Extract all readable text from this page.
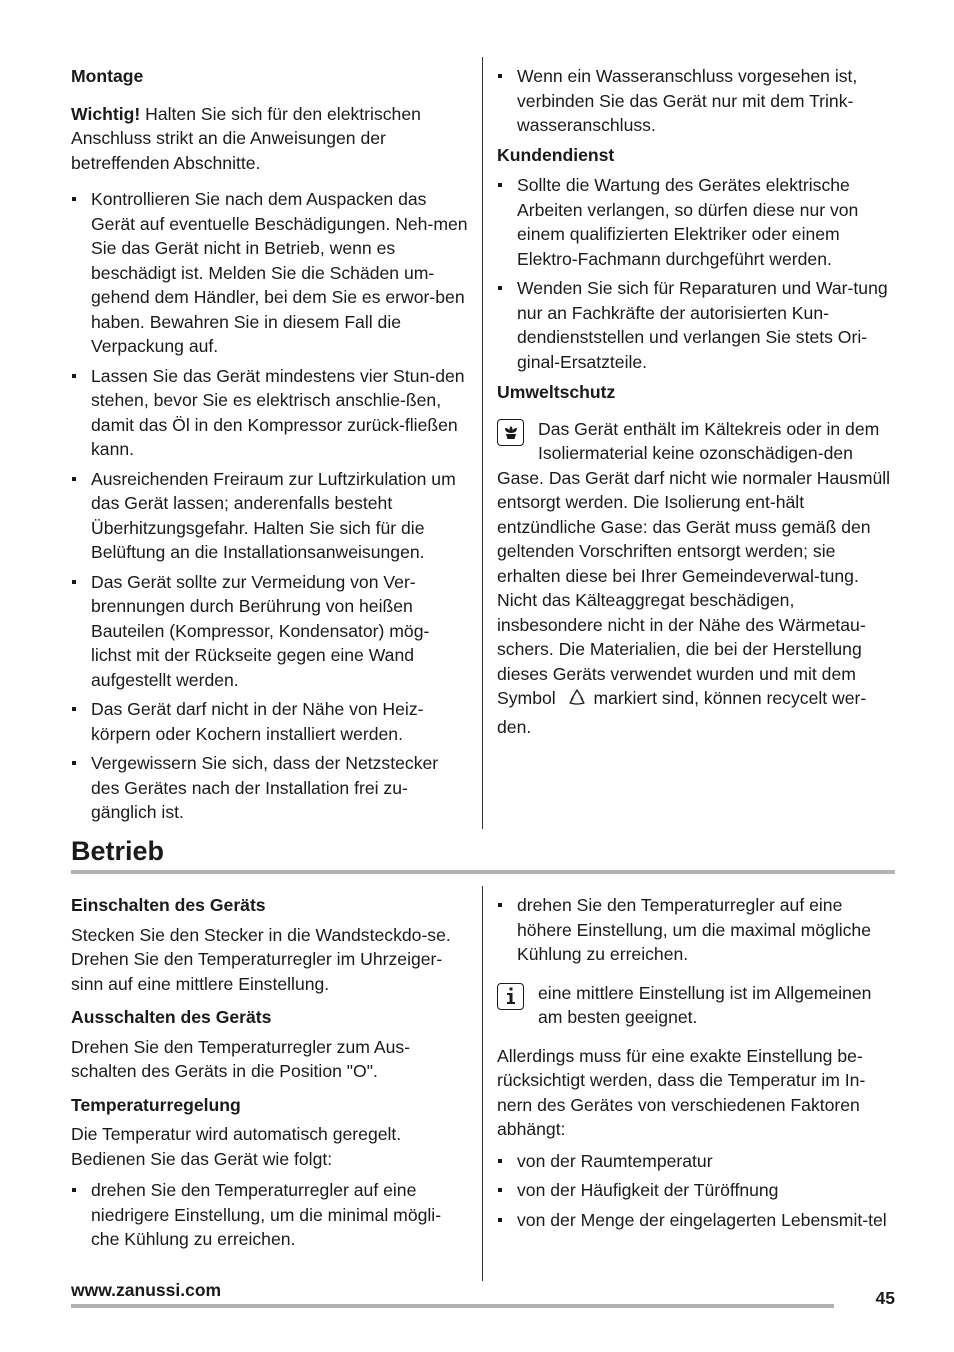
Montage

Wichtig! Halten Sie sich für den elektrischen Anschluss strikt an die Anweisungen der betreffenden Abschnitte.

Kontrollieren Sie nach dem Auspacken das Gerät auf eventuelle Beschädigungen. Neh-men Sie das Gerät nicht in Betrieb, wenn es beschädigt ist. Melden Sie die Schäden um-gehend dem Händler, bei dem Sie es erwor-ben haben. Bewahren Sie in diesem Fall die Verpackung auf.
Lassen Sie das Gerät mindestens vier Stun-den stehen, bevor Sie es elektrisch anschlie-ßen, damit das Öl in den Kompressor zurück-fließen kann.
Ausreichenden Freiraum zur Luftzirkulation um das Gerät lassen; anderenfalls besteht Überhitzungsgefahr. Halten Sie sich für die Belüftung an die Installationsanweisungen.
Das Gerät sollte zur Vermeidung von Ver-brennungen durch Berührung von heißen Bauteilen (Kompressor, Kondensator) mög-lichst mit der Rückseite gegen eine Wand aufgestellt werden.
Das Gerät darf nicht in der Nähe von Heiz-körpern oder Kochern installiert werden.
Vergewissern Sie sich, dass der Netzstecker des Gerätes nach der Installation frei zu-gänglich ist.
Wenn ein Wasseranschluss vorgesehen ist, verbinden Sie das Gerät nur mit dem Trink-wasseranschluss.
Kundendienst
Sollte die Wartung des Gerätes elektrische Arbeiten verlangen, so dürfen diese nur von einem qualifizierten Elektriker oder einem Elektro-Fachmann durchgeführt werden.
Wenden Sie sich für Reparaturen und War-tung nur an Fachkräfte der autorisierten Kun-dendienststellen und verlangen Sie stets Ori-ginal-Ersatzteile.
Umweltschutz
Das Gerät enthält im Kältekreis oder in dem Isoliermaterial keine ozonschädigen-den Gase. Das Gerät darf nicht wie normaler Hausmüll entsorgt werden. Die Isolierung ent-hält entzündliche Gase: das Gerät muss gemäß den geltenden Vorschriften entsorgt werden; sie erhalten diese bei Ihrer Gemeindeverwal-tung. Nicht das Kälteaggregat beschädigen, insbesondere nicht in der Nähe des Wärmetau-schers. Die Materialien, die bei der Herstellung dieses Geräts verwendet wurden und mit dem Symbol  markiert sind, können recycelt wer-den.
Betrieb
Einschalten des Geräts

Stecken Sie den Stecker in die Wandsteckdo-se.

Drehen Sie den Temperaturregler im Uhrzeiger-sinn auf eine mittlere Einstellung.

Ausschalten des Geräts

Drehen Sie den Temperaturregler zum Aus-schalten des Geräts in die Position "O".

Temperaturregelung

Die Temperatur wird automatisch geregelt. Bedienen Sie das Gerät wie folgt:

drehen Sie den Temperaturregler auf eine niedrigere Einstellung, um die minimal mögli-che Kühlung zu erreichen.
drehen Sie den Temperaturregler auf eine höhere Einstellung, um die maximal mögliche Kühlung zu erreichen.
eine mittlere Einstellung ist im Allgemeinen am besten geeignet.

Allerdings muss für eine exakte Einstellung be-rücksichtigt werden, dass die Temperatur im In-nern des Gerätes von verschiedenen Faktoren abhängt:

von der Raumtemperatur
von der Häufigkeit der Türöffnung
von der Menge der eingelagerten Lebensmit-tel
www.zanussi.com	45
